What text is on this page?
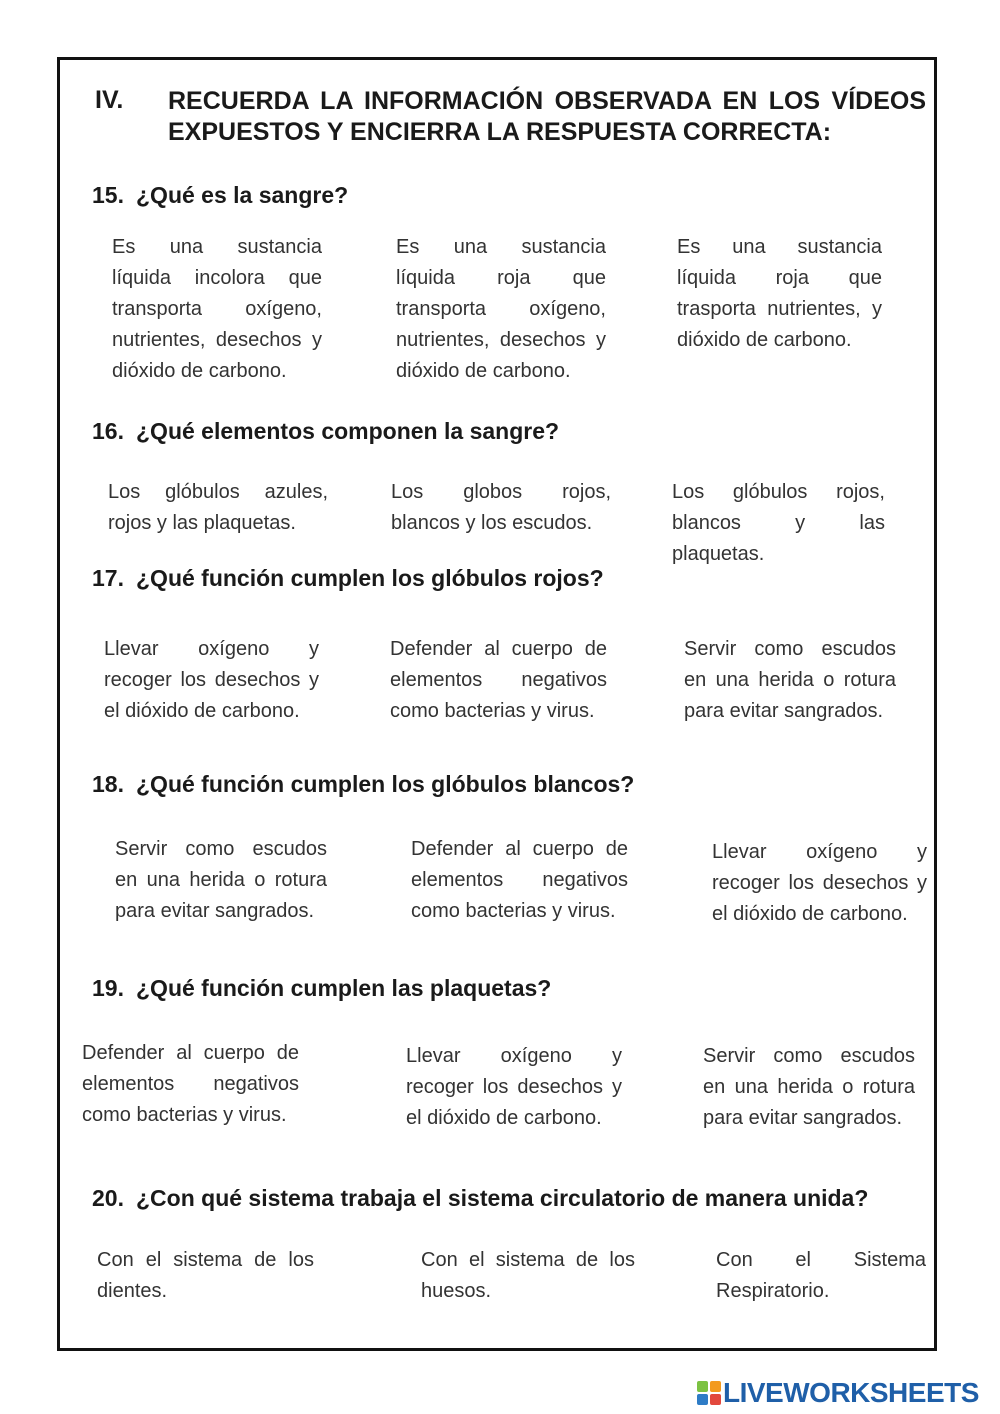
IV. RECUERDA LA INFORMACIÓN OBSERVADA EN LOS VÍDEOS EXPUESTOS Y ENCIERRA LA RESPUESTA CORRECTA:
15. ¿Qué es la sangre?
Es una sustancia líquida incolora que transporta oxígeno, nutrientes, desechos y dióxido de carbono.
Es una sustancia líquida roja que transporta oxígeno, nutrientes, desechos y dióxido de carbono.
Es una sustancia líquida roja que trasporta nutrientes, y dióxido de carbono.
16. ¿Qué elementos componen la sangre?
Los glóbulos azules, rojos y las plaquetas.
Los globos rojos, blancos y los escudos.
Los glóbulos rojos, blancos y las plaquetas.
17. ¿Qué función cumplen los glóbulos rojos?
Llevar oxígeno y recoger los desechos y el dióxido de carbono.
Defender al cuerpo de elementos negativos como bacterias y virus.
Servir como escudos en una herida o rotura para evitar sangrados.
18. ¿Qué función cumplen los glóbulos blancos?
Servir como escudos en una herida o rotura para evitar sangrados.
Defender al cuerpo de elementos negativos como bacterias y virus.
Llevar oxígeno y recoger los desechos y el dióxido de carbono.
19. ¿Qué función cumplen las plaquetas?
Defender al cuerpo de elementos negativos como bacterias y virus.
Llevar oxígeno y recoger los desechos y el dióxido de carbono.
Servir como escudos en una herida o rotura para evitar sangrados.
20. ¿Con qué sistema trabaja el sistema circulatorio de manera unida?
Con el sistema de los dientes.
Con el sistema de los huesos.
Con el Sistema Respiratorio.
LIVEWORKSHEETS
